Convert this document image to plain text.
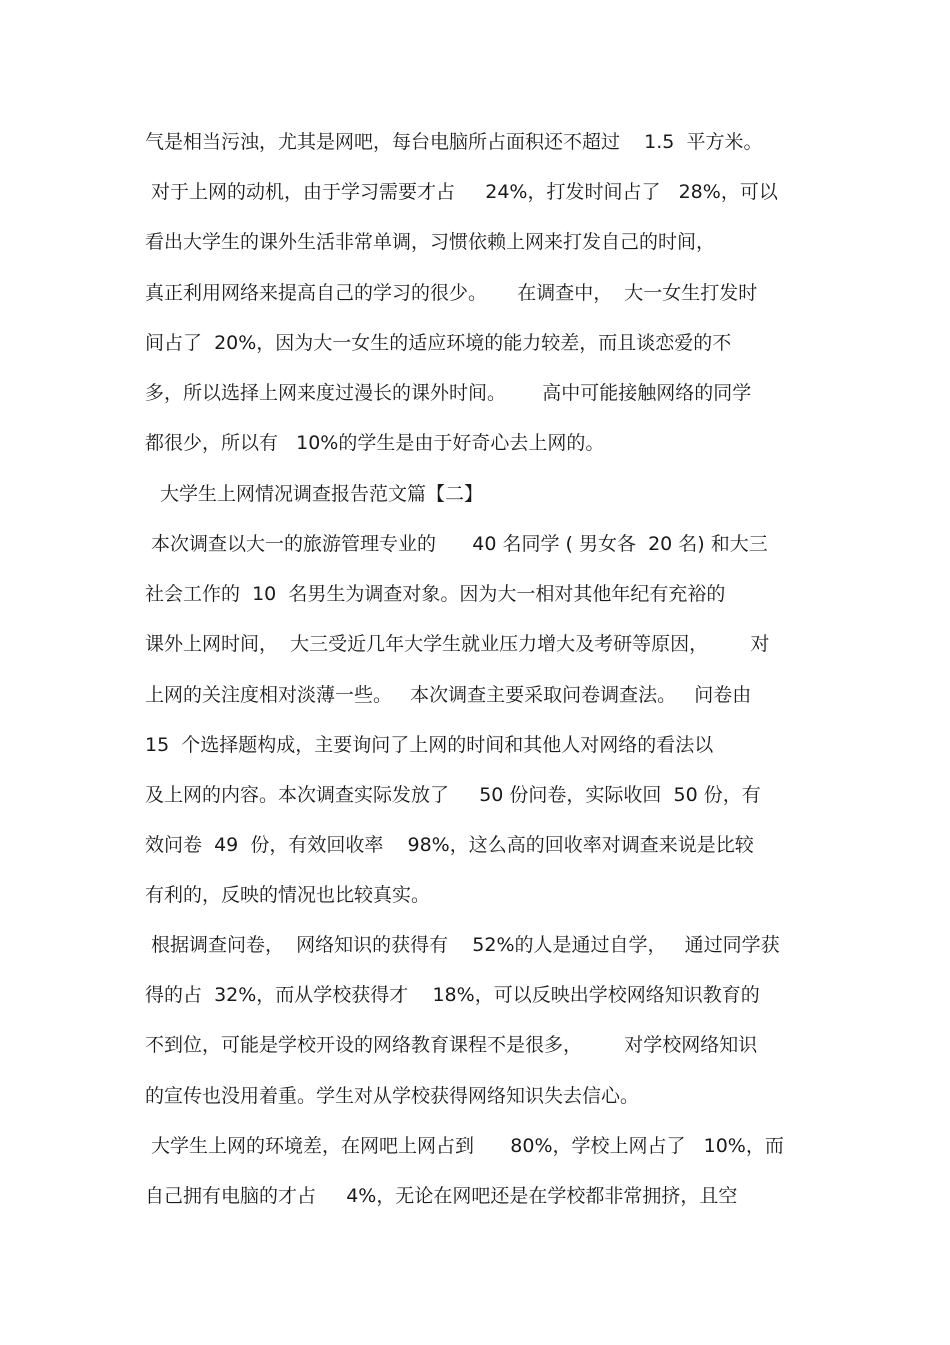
气是相当污浊，尤其是网吧，每台电脑所占面积还不超过    1.5  平方米。
对于上网的动机，由于学习需要才占     24%，打发时间占了   28%，可以
看出大学生的课外生活非常单调，习惯依赖上网来打发自己的时间，
真正利用网络来提高自己的学习的很少。     在调查中，  大一女生打发时
间占了  20%，因为大一女生的适应环境的能力较差，而且谈恋爱的不
多，所以选择上网来度过漫长的课外时间。      高中可能接触网络的同学
都很少，所以有   10%的学生是由于好奇心去上网的。
大学生上网情况调查报告范文篇【二】
本次调查以大一的旅游管理专业的      40 名同学 ( 男女各  20 名) 和大三
社会工作的  10  名男生为调查对象。因为大一相对其他年纪有充裕的
课外上网时间，  大三受近几年大学生就业压力增大及考研等原因，       对
上网的关注度相对淡薄一些。   本次调查主要采取问卷调查法。   问卷由
15  个选择题构成，主要询问了上网的时间和其他人对网络的看法以
及上网的内容。本次调查实际发放了     50 份问卷，实际收回  50 份，有
效问卷  49  份，有效回收率    98%，这么高的回收率对调查来说是比较
有利的，反映的情况也比较真实。
根据调查问卷，  网络知识的获得有    52%的人是通过自学，   通过同学获
得的占  32%，而从学校获得才    18%，可以反映出学校网络知识教育的
不到位，可能是学校开设的网络教育课程不是很多，       对学校网络知识
的宣传也没用着重。学生对从学校获得网络知识失去信心。
大学生上网的环境差，在网吧上网占到      80%，学校上网占了   10%，而
自己拥有电脑的才占     4%，无论在网吧还是在学校都非常拥挤，且空
